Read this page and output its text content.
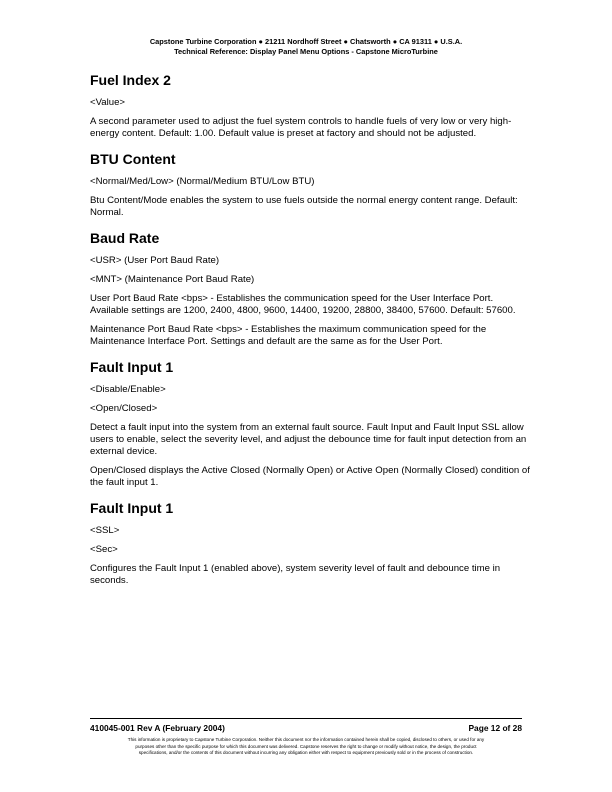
Capstone Turbine Corporation ● 21211 Nordhoff Street ● Chatsworth ● CA 91311 ● U.S.A.
Technical Reference: Display Panel Menu Options - Capstone MicroTurbine
Fuel Index 2

<Value>

A second parameter used to adjust the fuel system controls to handle fuels of very low or very high-energy content. Default: 1.00. Default value is preset at factory and should not be adjusted.

BTU Content

<Normal/Med/Low> (Normal/Medium BTU/Low BTU)

Btu Content/Mode enables the system to use fuels outside the normal energy content range. Default: Normal.

Baud Rate

<USR> (User Port Baud Rate)

<MNT> (Maintenance Port Baud Rate)

User Port Baud Rate <bps> - Establishes the communication speed for the User Interface Port. Available settings are 1200, 2400, 4800, 9600, 14400, 19200, 28800, 38400, 57600. Default: 57600.

Maintenance Port Baud Rate <bps> - Establishes the maximum communication speed for the Maintenance Interface Port. Settings and default are the same as for the User Port.

Fault Input 1

<Disable/Enable>

<Open/Closed>

Detect a fault input into the system from an external fault source. Fault Input and Fault Input SSL allow users to enable, select the severity level, and adjust the debounce time for fault input detection from an external device.

Open/Closed displays the Active Closed (Normally Open) or Active Open (Normally Closed) condition of the fault input 1.

Fault Input 1

<SSL>

<Sec>

Configures the Fault Input 1 (enabled above), system severity level of fault and debounce time in seconds.

410045-001 Rev A (February 2004)	Page 12 of 28
This information is proprietary to Capstone Turbine Corporation. Neither this document nor the information contained herein shall be copied, disclosed to others, or used for any
purposes other than the specific purpose for which this document was delivered. Capstone reserves the right to change or modify without notice, the design, the product
specifications, and/or the contents of this document without incurring any obligation either with respect to equipment previously sold or in the process of construction.
